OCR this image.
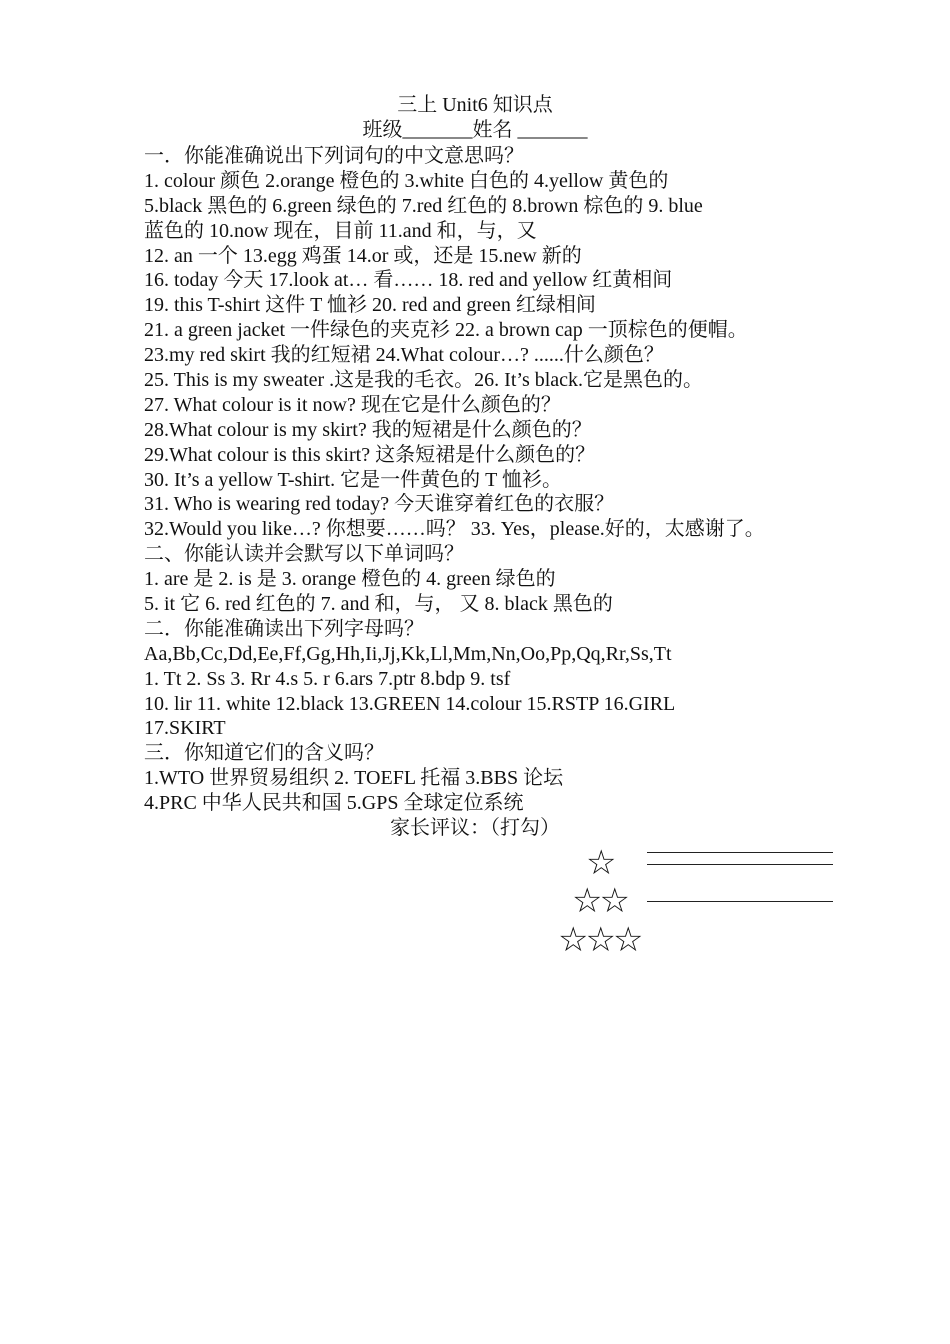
三上 Unit6 知识点
班级_______姓名 _______
一．你能准确说出下列词句的中文意思吗？
1. colour 颜色 2.orange 橙色的 3.white 白色的 4.yellow 黄色的
5.black 黑色的 6.green 绿色的 7.red 红色的 8.brown 棕色的 9. blue
蓝色的 10.now 现在，目前 11.and 和，与，又
12. an 一个 13.egg 鸡蛋 14.or 或，还是 15.new 新的
16. today 今天 17.look at… 看…… 18. red and yellow 红黄相间
19. this T-shirt 这件 T 恤衫 20. red and green 红绿相间
21. a green jacket 一件绿色的夹克衫 22. a brown cap 一顶棕色的便帽。
23.my red skirt 我的红短裙 24.What colour…? ......什么颜色？
25. This is my sweater .这是我的毛衣。26. It’s black.它是黑色的。
27. What colour is it now? 现在它是什么颜色的？
28.What colour is my skirt? 我的短裙是什么颜色的？
29.What colour is this skirt? 这条短裙是什么颜色的？
30. It’s a yellow T-shirt. 它是一件黄色的 T 恤衫。
31. Who is wearing red today? 今天谁穿着红色的衣服？
32.Would you like…? 你想要……吗？ 33. Yes，please.好的，太感谢了。
二、你能认读并会默写以下单词吗？
1. are 是 2. is 是 3. orange 橙色的 4. green 绿色的
5. it 它 6. red 红色的 7. and 和，与， 又 8. black 黑色的
二．你能准确读出下列字母吗？
Aa,Bb,Cc,Dd,Ee,Ff,Gg,Hh,Ii,Jj,Kk,Ll,Mm,Nn,Oo,Pp,Qq,Rr,Ss,Tt
1. Tt 2. Ss 3. Rr 4.s 5. r 6.ars 7.ptr 8.bdp 9. tsf
10. lir 11. white 12.black 13.GREEN 14.colour 15.RSTP 16.GIRL
17.SKIRT
三．你知道它们的含义吗？
1.WTO 世界贸易组织 2. TOEFL 托福 3.BBS 论坛
4.PRC 中华人民共和国 5.GPS 全球定位系统
家长评议：（打勾）
☆
☆☆
☆☆☆
